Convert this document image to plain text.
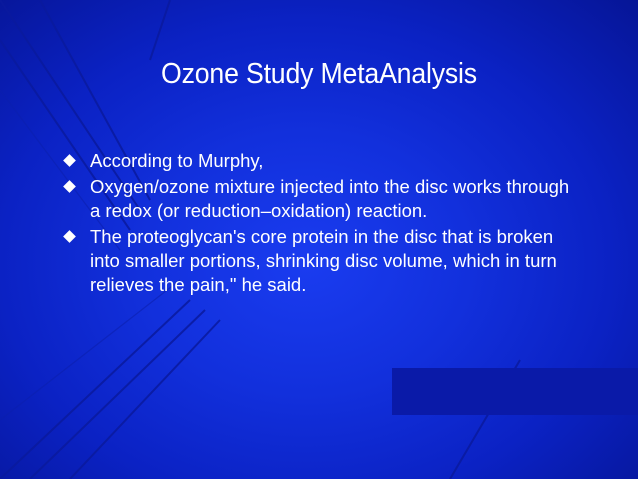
Ozone Study MetaAnalysis
According to Murphy,
Oxygen/ozone mixture injected into the disc works through a redox (or reduction–oxidation) reaction.
The proteoglycan's core protein in the disc that is broken into smaller portions, shrinking disc volume, which in turn relieves the pain," he said.
